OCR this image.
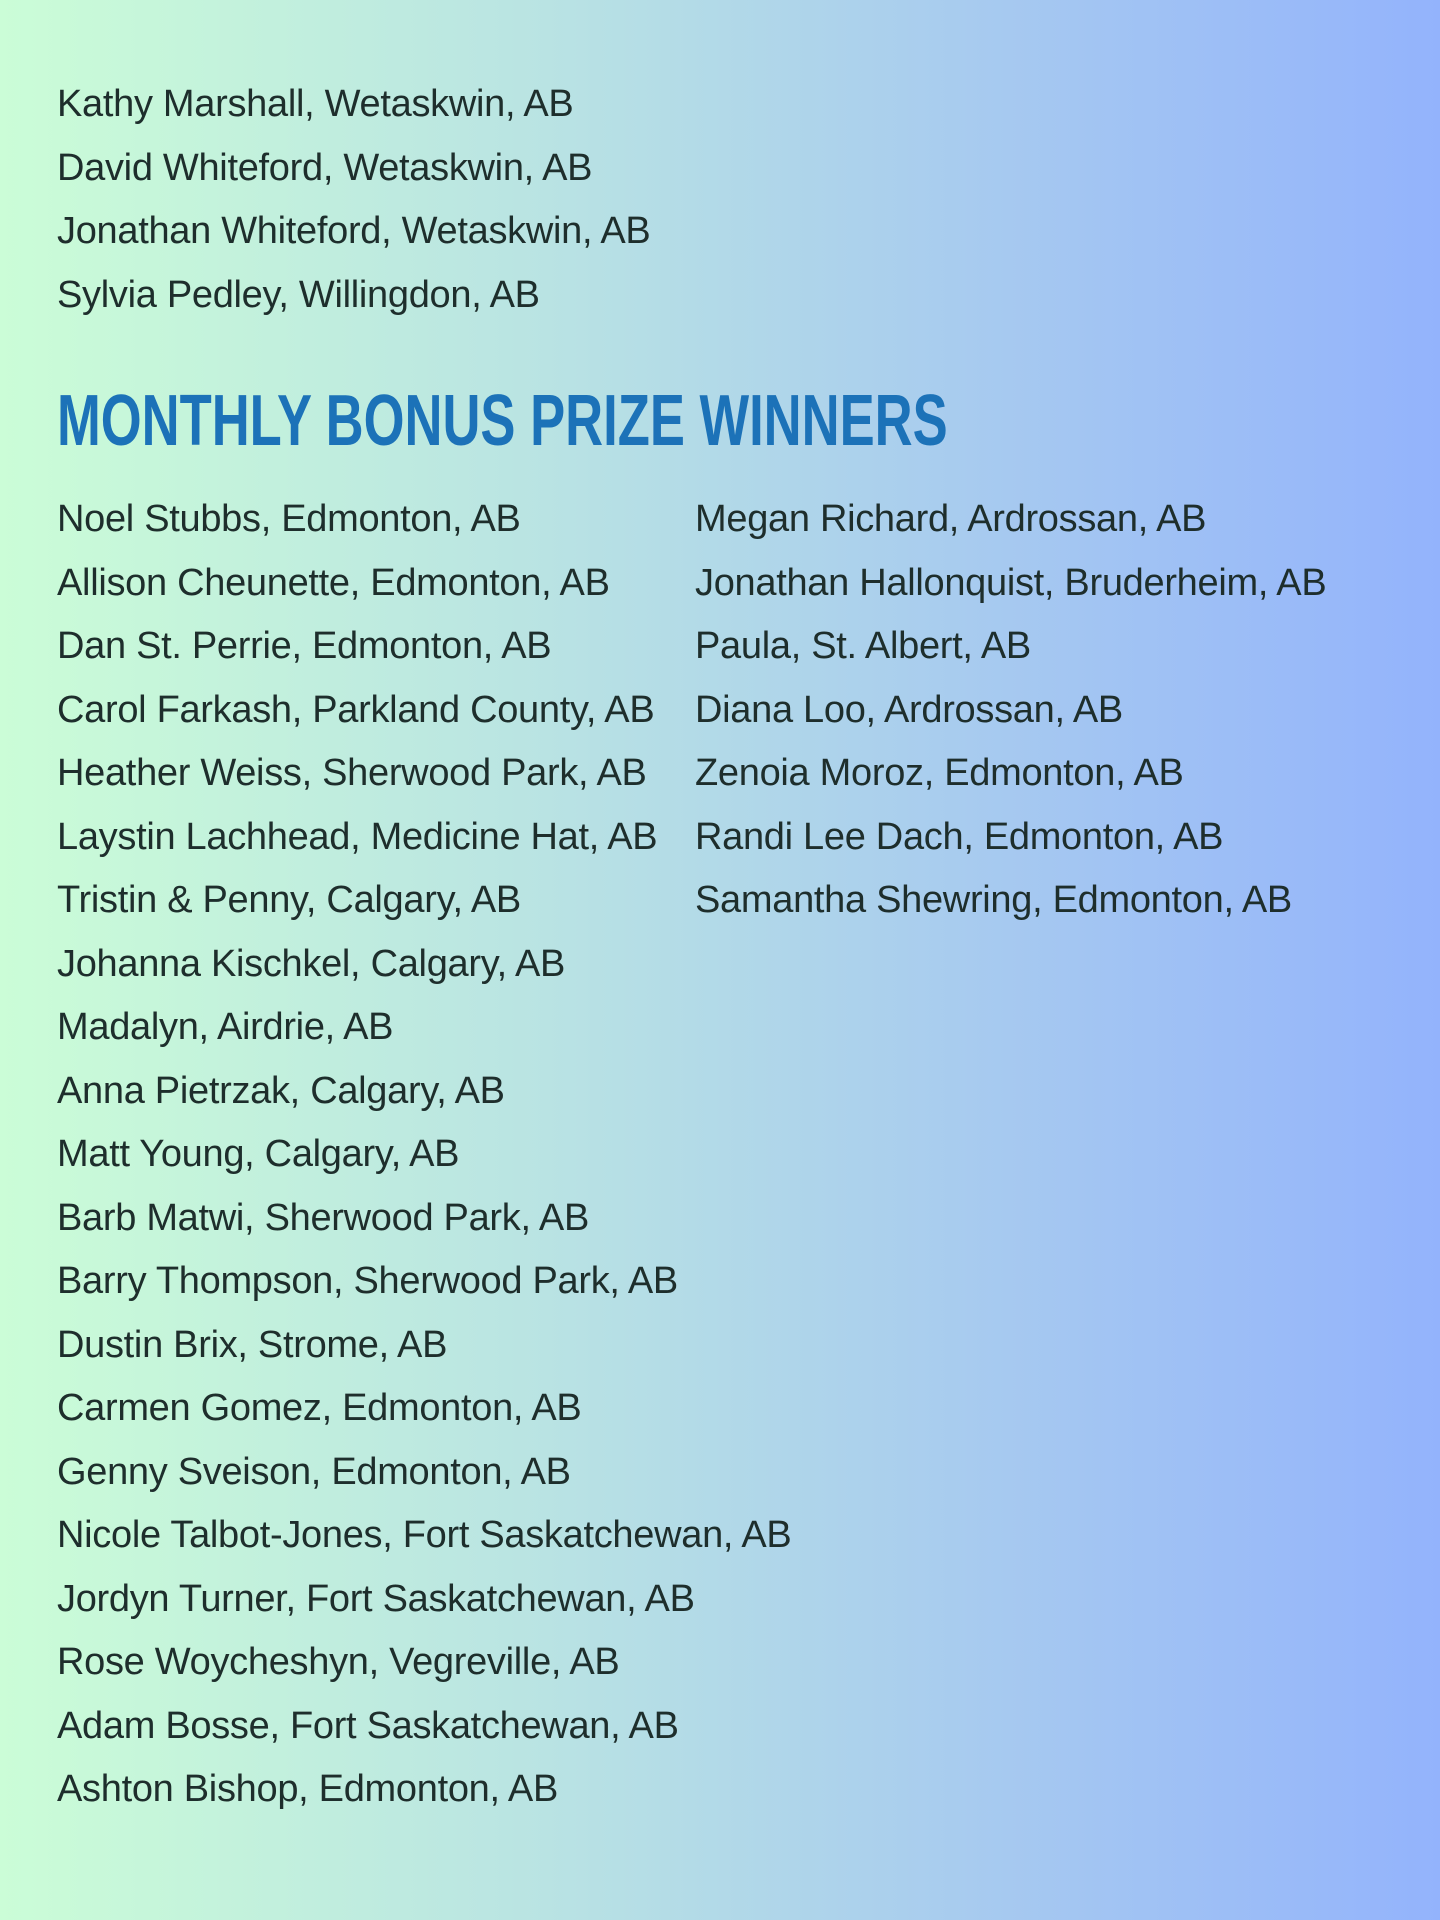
Kathy Marshall, Wetaskwin, AB
David Whiteford, Wetaskwin, AB
Jonathan Whiteford, Wetaskwin, AB
Sylvia Pedley, Willingdon, AB
MONTHLY BONUS PRIZE WINNERS
Noel Stubbs, Edmonton, AB
Allison Cheunette, Edmonton, AB
Dan St. Perrie, Edmonton, AB
Carol Farkash, Parkland County, AB
Heather Weiss, Sherwood Park, AB
Laystin Lachhead, Medicine Hat, AB
Tristin & Penny, Calgary, AB
Johanna Kischkel, Calgary, AB
Madalyn, Airdrie, AB
Anna Pietrzak, Calgary, AB
Matt Young, Calgary, AB
Barb Matwi, Sherwood Park, AB
Barry Thompson, Sherwood Park, AB
Dustin Brix, Strome, AB
Carmen Gomez, Edmonton, AB
Genny Sveison, Edmonton, AB
Nicole Talbot-Jones, Fort Saskatchewan, AB
Jordyn Turner, Fort Saskatchewan, AB
Rose Woycheshyn, Vegreville, AB
Adam Bosse, Fort Saskatchewan, AB
Ashton Bishop, Edmonton, AB
Megan Richard, Ardrossan, AB
Jonathan Hallonquist, Bruderheim, AB
Paula, St. Albert, AB
Diana Loo, Ardrossan, AB
Zenoia Moroz, Edmonton, AB
Randi Lee Dach, Edmonton, AB
Samantha Shewring, Edmonton, AB
